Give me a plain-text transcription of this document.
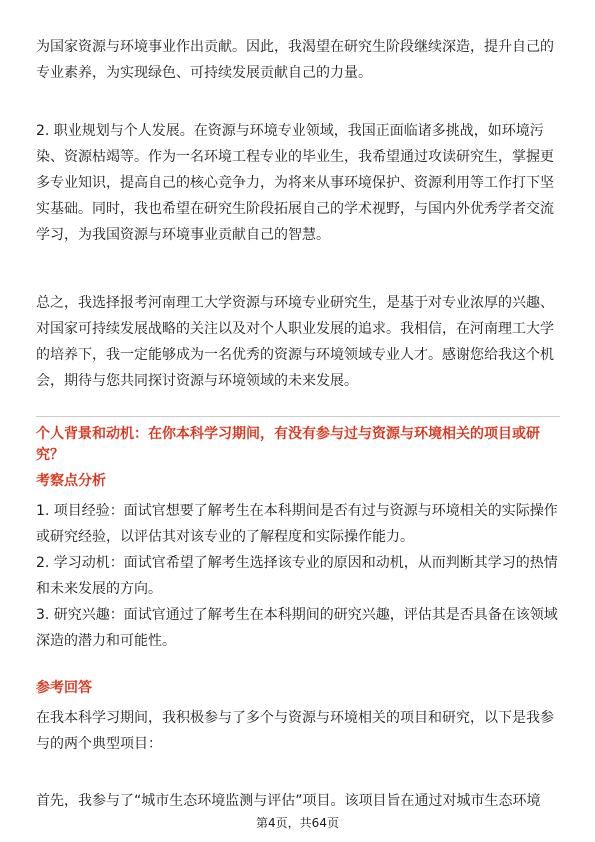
为国家资源与环境事业作出贡献。因此，我渴望在研究生阶段继续深造，提升自己的专业素养，为实现绿色、可持续发展贡献自己的力量。

2. 职业规划与个人发展。在资源与环境专业领域，我国正面临诸多挑战，如环境污染、资源枯竭等。作为一名环境工程专业的毕业生，我希望通过攻读研究生，掌握更多专业知识，提高自己的核心竞争力，为将来从事环境保护、资源利用等工作打下坚实基础。同时，我也希望在研究生阶段拓展自己的学术视野，与国内外优秀学者交流学习，为我国资源与环境事业贡献自己的智慧。

总之，我选择报考河南理工大学资源与环境专业研究生，是基于对专业浓厚的兴趣、对国家可持续发展战略的关注以及对个人职业发展的追求。我相信，在河南理工大学的培养下，我一定能够成为一名优秀的资源与环境领域专业人才。感谢您给我这个机会，期待与您共同探讨资源与环境领域的未来发展。

个人背景和动机：在你本科学习期间，有没有参与过与资源与环境相关的项目或研究？

考察点分析

1. 项目经验：面试官想要了解考生在本科期间是否有过与资源与环境相关的实际操作或研究经验，以评估其对该专业的了解程度和实际操作能力。

2. 学习动机：面试官希望了解考生选择该专业的原因和动机，从而判断其学习的热情和未来发展的方向。

3. 研究兴趣：面试官通过了解考生在本科期间的研究兴趣，评估其是否具备在该领域深造的潜力和可能性。

参考回答

在我本科学习期间，我积极参与了多个与资源与环境相关的项目和研究，以下是我参与的两个典型项目：

首先，我参与了“城市生态环境监测与评估”项目。该项目旨在通过对城市生态环境

第4页，共64页
